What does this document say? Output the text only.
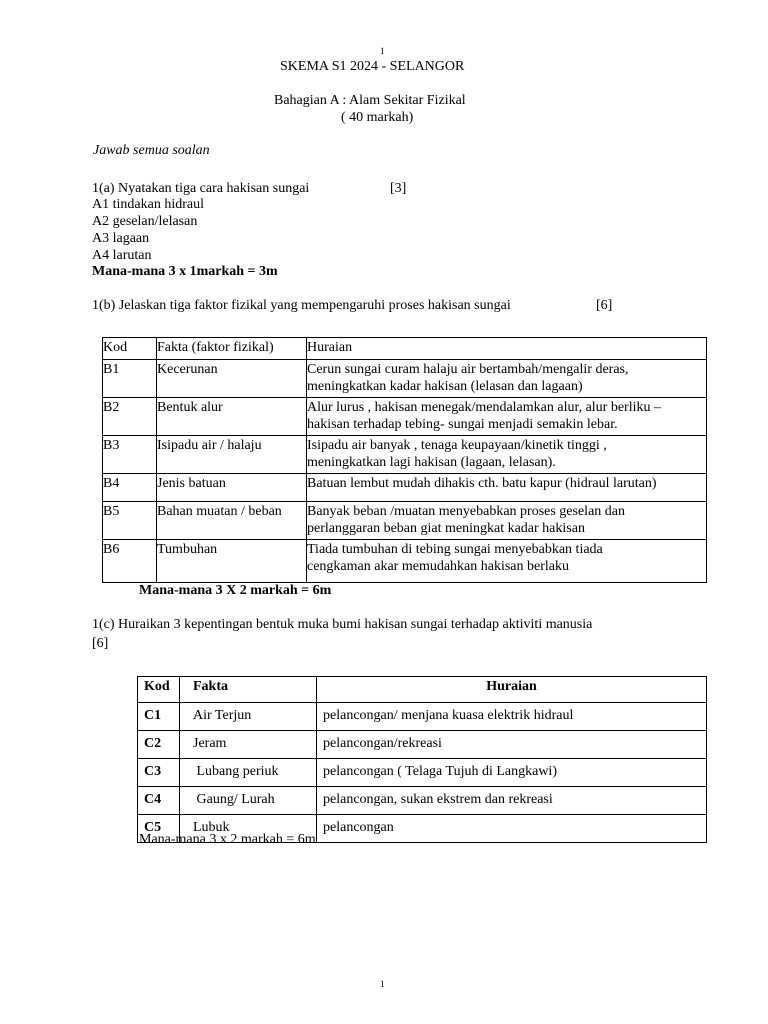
1
SKEMA S1 2024 - SELANGOR
Bahagian A : Alam Sekitar Fizikal
( 40 markah)
Jawab semua soalan
1(a) Nyatakan tiga cara hakisan sungai	[3]
A1 tindakan hidraul
A2 geselan/lelasan
A3 lagaan
A4 larutan
Mana-mana 3 x 1markah = 3m
1(b) Jelaskan tiga faktor fizikal yang mempengaruhi proses hakisan sungai	[6]
Kod	Fakta (faktor fizikal)	Huraian
B1	Kecerunan	Cerun sungai curam halaju air bertambah/mengalir deras,
meningkatkan kadar hakisan (lelasan dan lagaan)

B2	Bentuk alur	Alur lurus , hakisan menegak/mendalamkan alur, alur berliku –
hakisan terhadap tebing- sungai menjadi semakin lebar.

B3	Isipadu air / halaju	Isipadu air banyak , tenaga keupayaan/kinetik tinggi ,
meningkatkan lagi hakisan (lagaan, lelasan).

B4	Jenis batuan	Batuan lembut mudah dihakis cth. batu kapur (hidraul larutan)

B5	Bahan muatan / beban	Banyak beban /muatan menyebabkan proses geselan dan
perlanggaran beban giat meningkat kadar hakisan

B6	Tumbuhan	Tiada tumbuhan di tebing sungai menyebabkan tiada
cengkaman akar memudahkan hakisan berlaku
Mana-mana 3 X 2 markah = 6m
1(c) Huraikan 3 kepentingan bentuk muka bumi hakisan sungai terhadap aktiviti manusia
[6]
Kod	Fakta	Huraian
C1	Air Terjun	pelancongan/ menjana kuasa elektrik hidraul
C2	Jeram	pelancongan/rekreasi
C3	Lubang periuk	pelancongan ( Telaga Tujuh di Langkawi)
C4	Gaung/ Lurah	pelancongan, sukan ekstrem dan rekreasi
C5	Lubuk	pelancongan
Mana-mana 3 x 2 markah = 6m
1
